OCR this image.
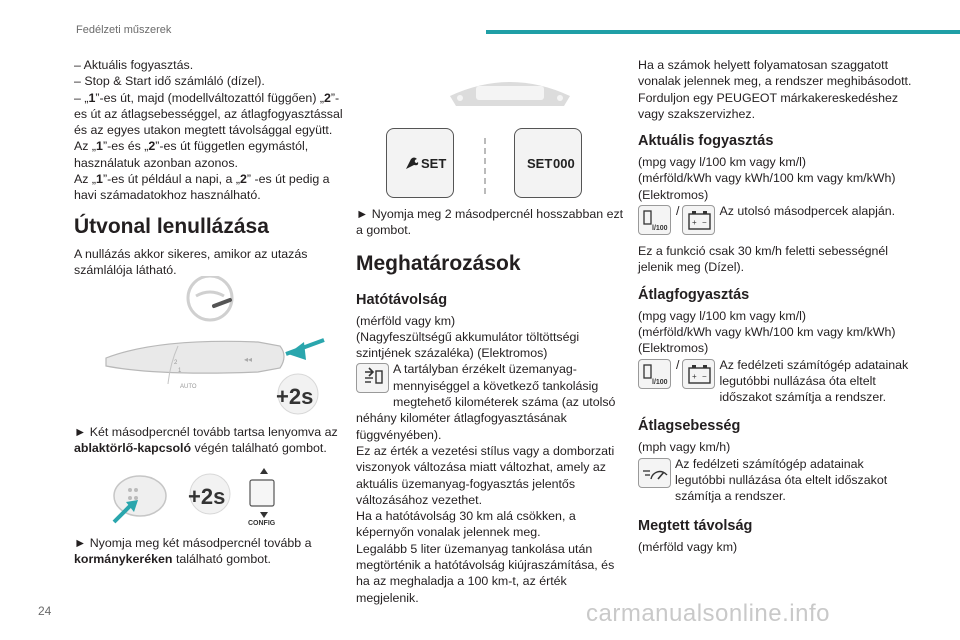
Fedélzeti műszerek

– Aktuális fogyasztás.

– Stop & Start idő számláló (dízel).

– „1”-es út, majd (modellváltozattól függően) „2”-es út az átlagsebességgel, az átlagfogyasztással és az egyes utakon megtett távolsággal együtt.

Az „1”-es és „2”-es út független egymástól, használatuk azonban azonos.

Az „1”-es út például a napi, a „2” -es út pedig a havi számadatokhoz használható.

Útvonal lenullázása

A nullázás akkor sikeres, amikor az utazás számlálója látható.

2
1
AUTO
◂◂
+2s

► Két másodpercnél tovább tartsa lenyomva az ablaktörlő-kapcsoló végén található gombot.

+2s
CONFIG

► Nyomja meg két másodpercnél tovább a kormánykeréken található gombot.

SET	SET 000

► Nyomja meg 2 másodpercnél hosszabban ezt a gombot.

Meghatározások

Hatótávolság

(mérföld vagy km)

(Nagyfeszültségű akkumulátor töltöttségi szintjének százaléka) (Elektromos)

A tartályban érzékelt üzemanyag-mennyiséggel a következő tankolásig megtehető kilométerek száma (az utolsó néhány kilométer átlagfogyasztásának függvényében).

Ez az érték a vezetési stílus vagy a domborzati viszonyok változása miatt változhat, amely az aktuális üzemanyag-fogyasztás jelentős változásához vezethet.

Ha a hatótávolság 30 km alá csökken, a képernyőn vonalak jelennek meg.

Legalább 5 liter üzemanyag tankolása után megtörténik a hatótávolság kiújraszámítása, és ha az meghaladja a 100 km-t, az érték megjelenik.

Ha a számok helyett folyamatosan szaggatott vonalak jelennek meg, a rendszer meghibásodott.

Forduljon egy PEUGEOT márkakereskedéshez vagy szakszervizhez.

Aktuális fogyasztás

(mpg vagy l/100 km vagy km/l)

(mérföld/kWh vagy kWh/100 km vagy km/kWh) (Elektromos)

l/100
/
+ −

Az utolsó másodpercek alapján.

Ez a funkció csak 30 km/h feletti sebességnél jelenik meg (Dízel).

Átlagfogyasztás

(mpg vagy l/100 km vagy km/l)

(mérföld/kWh vagy kWh/100 km vagy km/kWh) (Elektromos)

l/100
/
+ −

Az fedélzeti számítógép adatainak legutóbbi nullázása óta eltelt időszakot számítja a rendszer.

Átlagsebesség

(mph vagy km/h)

Az fedélzeti számítógép adatainak legutóbbi nullázása óta eltelt időszakot számítja a rendszer.

Megtett távolság

(mérföld vagy km)

24	carmanualsonline.info
